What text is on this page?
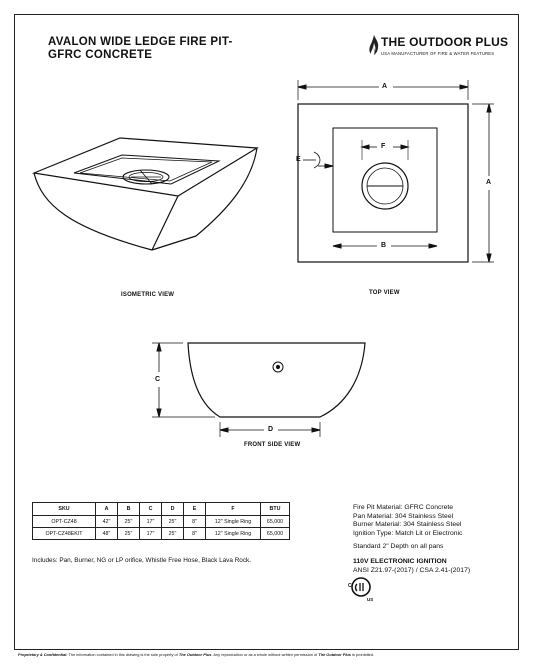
AVALON WIDE LEDGE FIRE PIT-
GFRC CONCRETE
THE OUTDOOR PLUS
USA MANUFACTURER OF FIRE & WATER FEATURES
ISOMETRIC VIEW	TOP VIEW
FRONT SIDE VIEW
A
A
B
F
E
C
D
SKU	A	B	C	D	E	F	BTU
OPT-CZ48	42"	25"	17"	25"	8"	12" Single Ring	65,000
OPT-CZ48EKIT	48"	25"	17"	25"	8"	12" Single Ring	65,000
Fire Pit Material: GFRC Concrete
Pan Material: 304 Stainless Steel
Burner Material: 304 Stainless Steel
Ignition Type: Match Lit or Electronic
Standard 2" Depth on all pans
110V ELECTRONIC IGNITION
ANSI Z21.97-(2017) / CSA 2.41-(2017)
Includes: Pan, Burner, NG or LP orifice, Whistle Free Hose, Black Lava Rock.
C
US
Proprietary & Confidential: The information contained in this drawing is the sole property of The Outdoor Plus. Any reproduction or as a whole without written permission of The Outdoor Plus is prohibited.
